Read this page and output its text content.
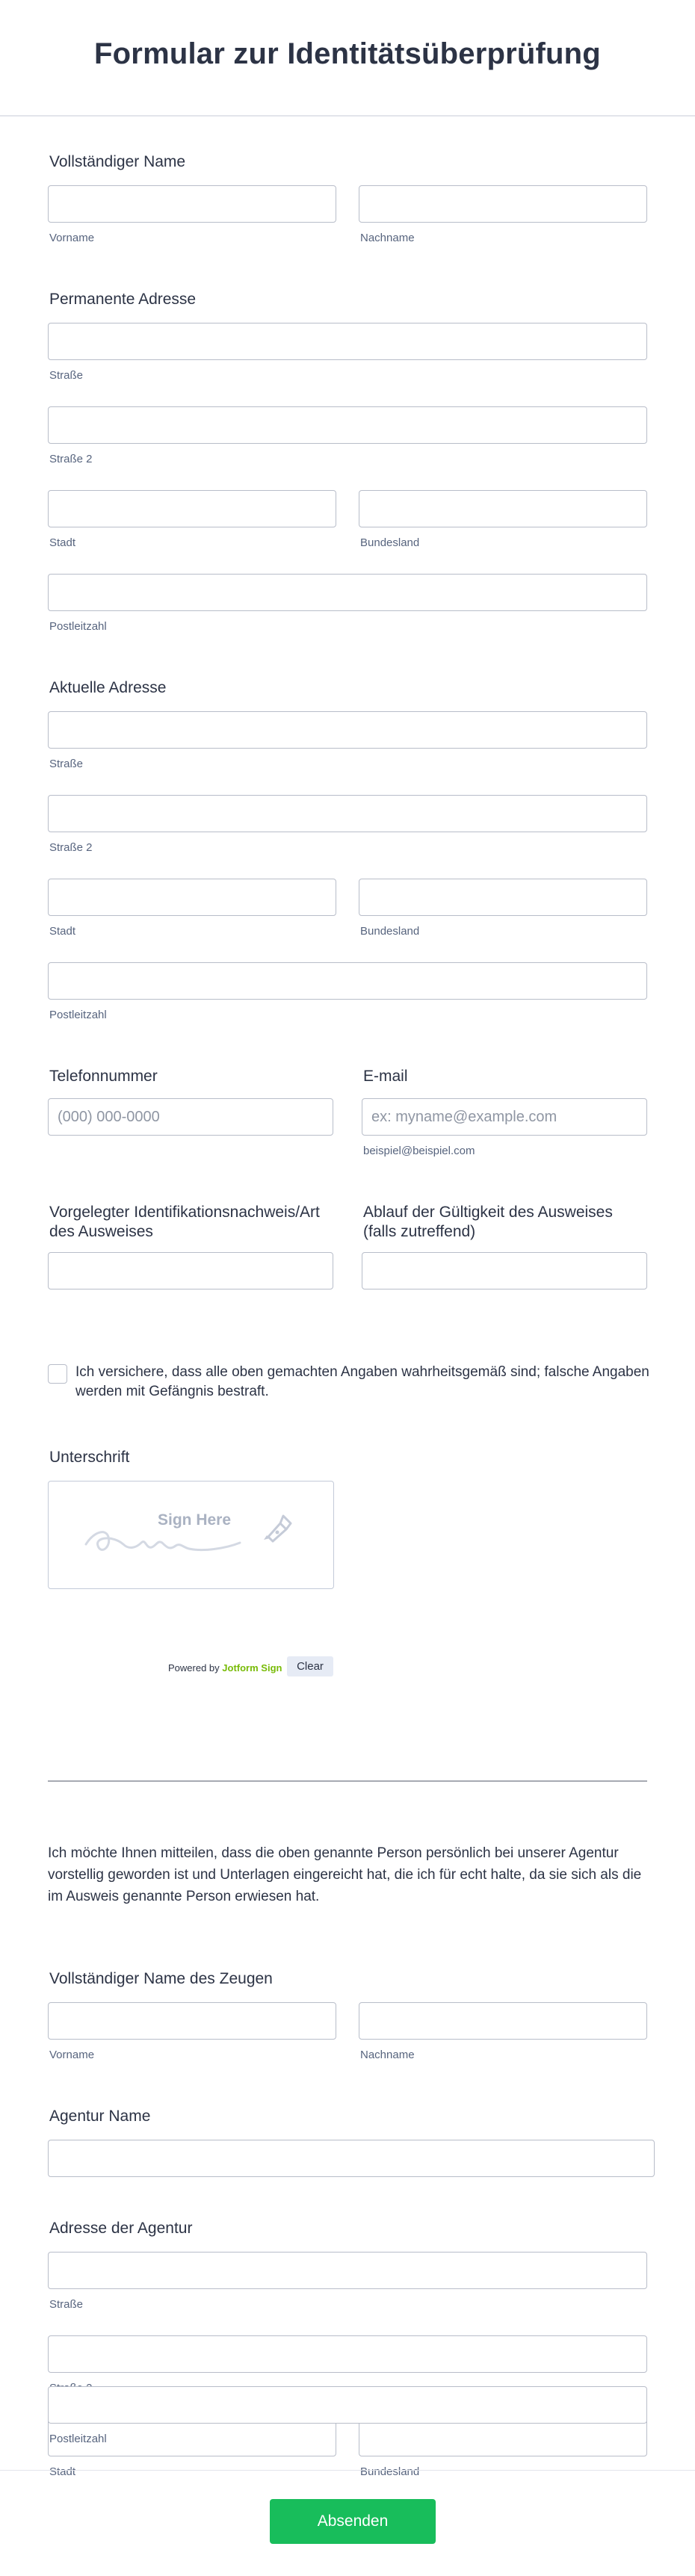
Formular zur Identitätsüberprüfung
Vollständiger Name
Vorname	Nachname
Permanente Adresse
Straße
Straße 2
Stadt	Bundesland
Postleitzahl
Aktuelle Adresse
Straße
Straße 2
Stadt	Bundesland
Postleitzahl
Telefonnummer	E-mail
(000) 000-0000
ex: myname@example.com
beispiel@beispiel.com
Vorgelegter Identifikationsnachweis/Art des Ausweises
Ablauf der Gültigkeit des Ausweises (falls zutreffend)
Ich versichere, dass alle oben gemachten Angaben wahrheitsgemäß sind; falsche Angaben werden mit Gefängnis bestraft.
Unterschrift
Sign Here
Powered by Jotform Sign	Clear
Ich möchte Ihnen mitteilen, dass die oben genannte Person persönlich bei unserer Agentur vorstellig geworden ist und Unterlagen eingereicht hat, die ich für echt halte, da sie sich als die im Ausweis genannte Person erwiesen hat.
Vollständiger Name des Zeugen
Vorname	Nachname
Agentur Name
Adresse der Agentur
Straße
Stadt	Bundesland
Postleitzahl
Absenden
